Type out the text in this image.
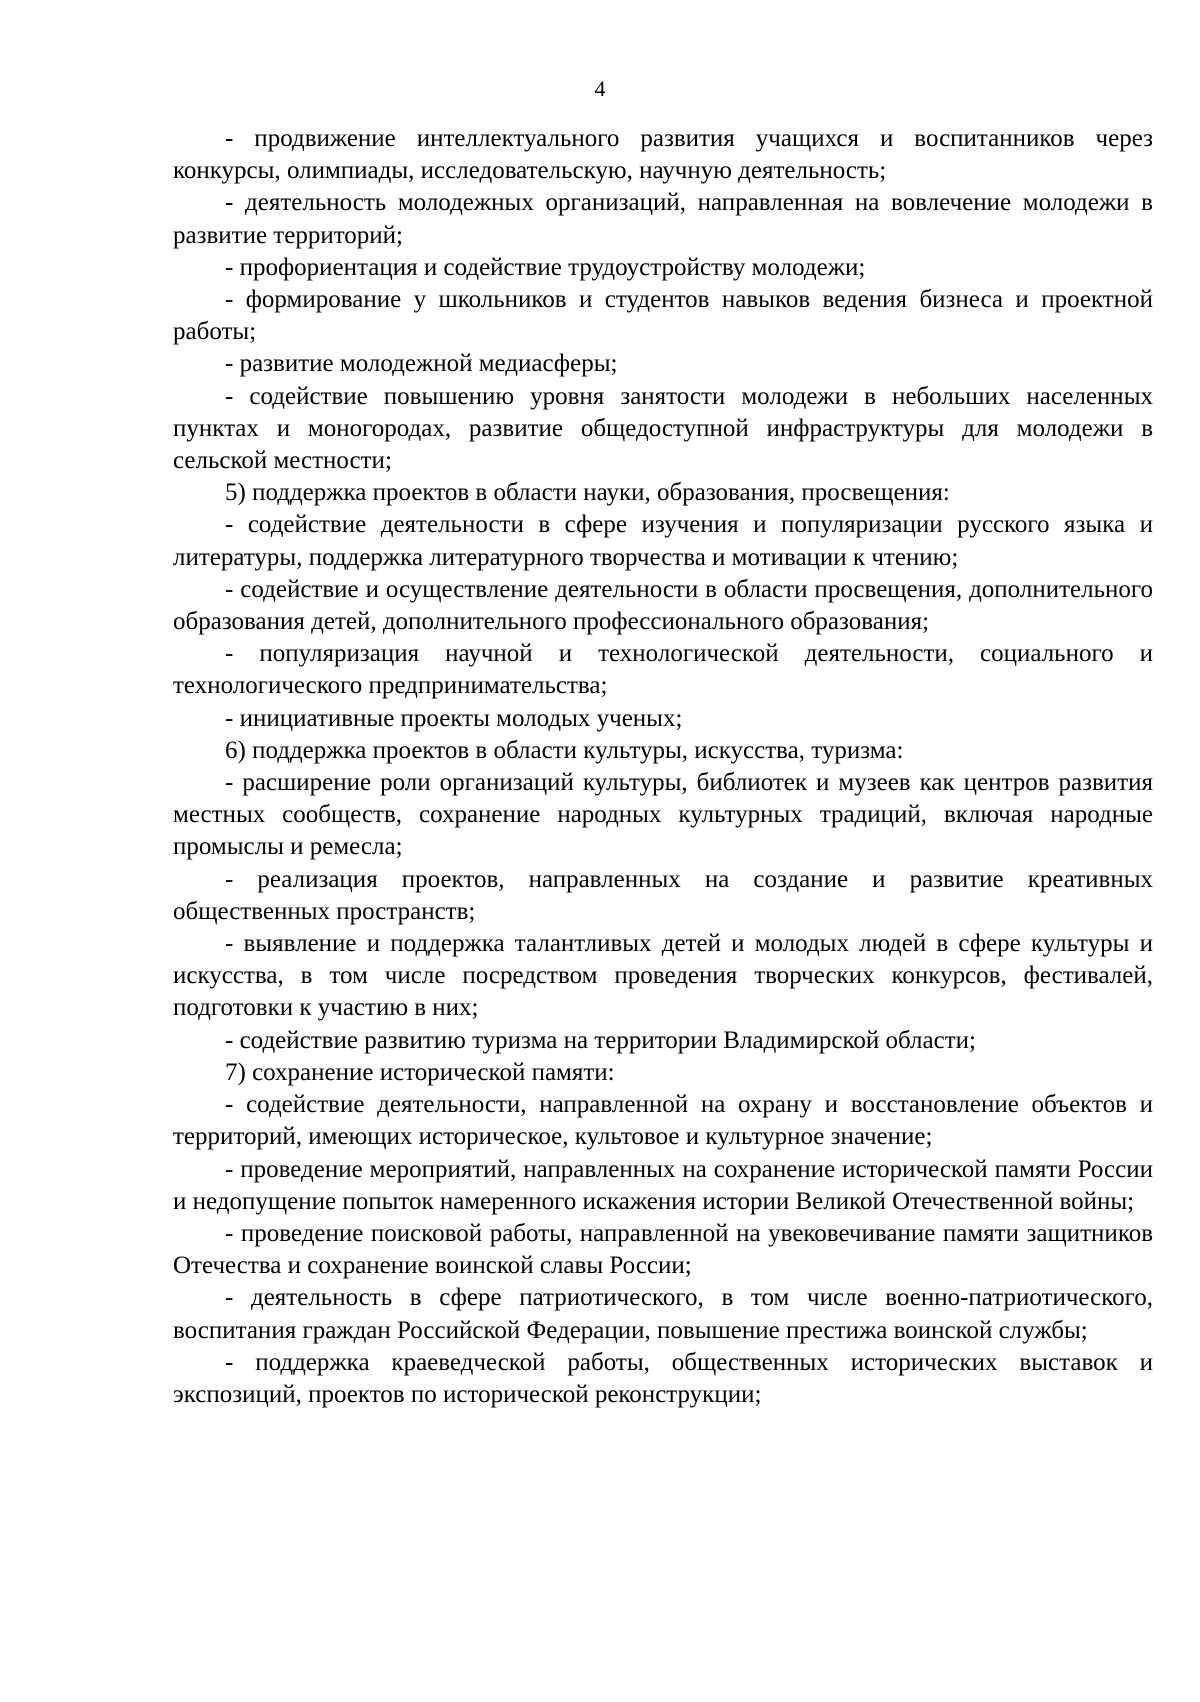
4

- продвижение интеллектуального развития учащихся и воспитанников через конкурсы, олимпиады, исследовательскую, научную деятельность;

- деятельность молодежных организаций, направленная на вовлечение молодежи в развитие территорий;

- профориентация и содействие трудоустройству молодежи;

- формирование у школьников и студентов навыков ведения бизнеса и проектной работы;

- развитие молодежной медиасферы;

- содействие повышению уровня занятости молодежи в небольших населенных пунктах и моногородах, развитие общедоступной инфраструктуры для молодежи в сельской местности;

5) поддержка проектов в области науки, образования, просвещения:

- содействие деятельности в сфере изучения и популяризации русского языка и литературы, поддержка литературного творчества и мотивации к чтению;

- содействие и осуществление деятельности в области просвещения, дополнительного образования детей, дополнительного профессионального образования;

- популяризация научной и технологической деятельности, социального и технологического предпринимательства;

- инициативные проекты молодых ученых;

6) поддержка проектов в области культуры, искусства, туризма:

- расширение роли организаций культуры, библиотек и музеев как центров развития местных сообществ, сохранение народных культурных традиций, включая народные промыслы и ремесла;

- реализация проектов, направленных на создание и развитие креативных общественных пространств;

- выявление и поддержка талантливых детей и молодых людей в сфере культуры и искусства, в том числе посредством проведения творческих конкурсов, фестивалей, подготовки к участию в них;

- содействие развитию туризма на территории Владимирской области;

7) сохранение исторической памяти:

- содействие деятельности, направленной на охрану и восстановление объектов и территорий, имеющих историческое, культовое и культурное значение;

- проведение мероприятий, направленных на сохранение исторической памяти России и недопущение попыток намеренного искажения истории Великой Отечественной войны;

- проведение поисковой работы, направленной на увековечивание памяти защитников Отечества и сохранение воинской славы России;

- деятельность в сфере патриотического, в том числе военно-патриотического, воспитания граждан Российской Федерации, повышение престижа воинской службы;

- поддержка краеведческой работы, общественных исторических выставок и экспозиций, проектов по исторической реконструкции;
